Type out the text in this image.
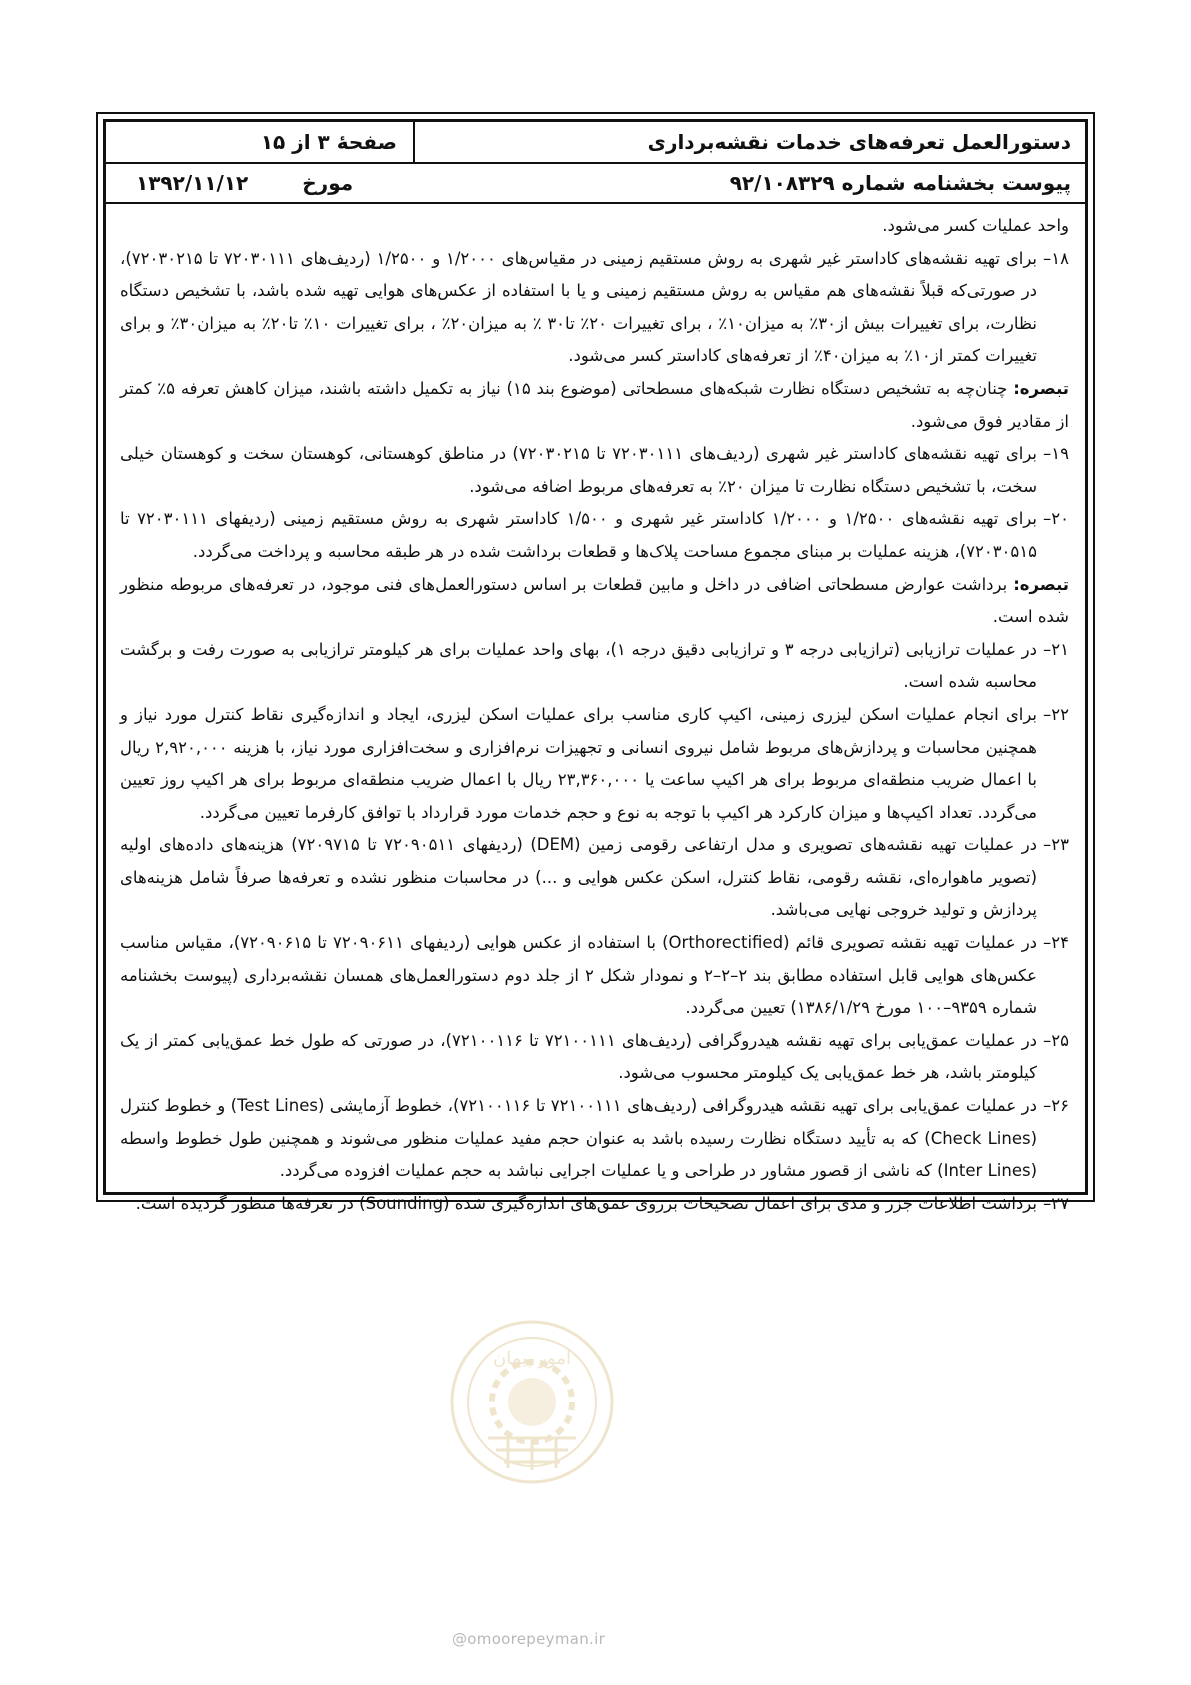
دستورالعمل تعرفه‌های خدمات نقشه‌برداری
صفحهٔ ۳ از ۱۵
پیوست بخشنامه شماره ۹۲/۱۰۸۳۲۹
مورخ
۱۳۹۲/۱۱/۱۲

واحد عملیات کسر می‌شود.

۱۸–
برای تهیه نقشه‌های کاداستر غیر شهری به روش مستقیم زمینی در مقیاس‌های ۱/۲۰۰۰ و ۱/۲۵۰۰ (ردیف‌های ۷۲۰۳۰۱۱۱ تا ۷۲۰۳۰۲۱۵)، در صورتی‌که قبلاً نقشه‌های هم مقیاس به روش مستقیم زمینی و یا با استفاده از عکس‌های هوایی تهیه شده باشد، با تشخیص دستگاه نظارت، برای تغییرات بیش از۳۰٪ به میزان۱۰٪ ، برای تغییرات ۲۰٪ تا۳۰ ٪ به میزان۲۰٪ ، برای تغییرات ۱۰٪ تا۲۰٪ به میزان۳۰٪ و برای تغییرات کمتر از۱۰٪ به میزان۴۰٪ از تعرفه‌های کاداستر کسر می‌شود.

تبصره: چنان‌چه به تشخیص دستگاه نظارت شبکه‌های مسطحاتی (موضوع بند ۱۵) نیاز به تکمیل داشته باشند، میزان کاهش تعرفه ۵٪ کمتر از مقادیر فوق می‌شود.

۱۹–
برای تهیه نقشه‌های کاداستر غیر شهری (ردیف‌های ۷۲۰۳۰۱۱۱ تا ۷۲۰۳۰۲۱۵) در مناطق کوهستانی، کوهستان سخت و کوهستان خیلی سخت، با تشخیص دستگاه نظارت تا میزان ۲۰٪ به تعرفه‌های مربوط اضافه می‌شود.
۲۰–
برای تهیه نقشه‌های ۱/۲۵۰۰ و ۱/۲۰۰۰ کاداستر غیر شهری و ۱/۵۰۰ کاداستر شهری به روش مستقیم زمینی (ردیفهای ۷۲۰۳۰۱۱۱ تا ۷۲۰۳۰۵۱۵)، هزینه عملیات بر مبنای مجموع مساحت پلاک‌ها و قطعات برداشت شده در هر طبقه محاسبه و پرداخت می‌گردد.

تبصره: برداشت عوارض مسطحاتی اضافی در داخل و مابین قطعات بر اساس دستورالعمل‌های فنی موجود، در تعرفه‌های مربوطه منظور شده است.

۲۱–
در عملیات ترازیابی (ترازیابی درجه ۳ و ترازیابی دقیق درجه ۱)، بهای واحد عملیات برای هر کیلومتر ترازیابی به صورت رفت و برگشت محاسبه شده است.
۲۲–
برای انجام عملیات اسکن لیزری زمینی، اکیپ کاری مناسب برای عملیات اسکن لیزری، ایجاد و اندازه‌گیری نقاط کنترل مورد نیاز و همچنین محاسبات و پردازش‌های مربوط شامل نیروی انسانی و تجهیزات نرم‌افزاری و سخت‌افزاری مورد نیاز، با هزینه ۲,۹۲۰,۰۰۰ ریال با اعمال ضریب منطقه‌ای مربوط برای هر اکیپ ساعت یا ۲۳,۳۶۰,۰۰۰ ریال با اعمال ضریب منطقه‌ای مربوط برای هر اکیپ روز تعیین می‌گردد. تعداد اکیپ‌ها و میزان کارکرد هر اکیپ با توجه به نوع و حجم خدمات مورد قرارداد با توافق کارفرما تعیین می‌گردد.
۲۳–
در عملیات تهیه نقشه‌های تصویری و مدل ارتفاعی رقومی زمین (DEM) (ردیفهای ۷۲۰۹۰۵۱۱ تا ۷۲۰۹۷۱۵) هزینه‌های داده‌های اولیه (تصویر ماهواره‌ای، نقشه رقومی، نقاط کنترل، اسکن عکس هوایی و ...) در محاسبات منظور نشده و تعرفه‌ها صرفاً شامل هزینه‌های پردازش و تولید خروجی نهایی می‌باشد.
۲۴–
در عملیات تهیه نقشه تصویری قائم (Orthorectified) با استفاده از عکس هوایی (ردیفهای ۷۲۰۹۰۶۱۱ تا ۷۲۰۹۰۶۱۵)، مقیاس مناسب عکس‌های هوایی قابل استفاده مطابق بند ۲–۲–۲ و نمودار شکل ۲ از جلد دوم دستورالعمل‌های همسان نقشه‌برداری (پیوست بخشنامه شماره ۹۳۵۹–۱۰۰ مورخ ۱۳۸۶/۱/۲۹) تعیین می‌گردد.
۲۵–
در عملیات عمق‌یابی برای تهیه نقشه هیدروگرافی (ردیف‌های ۷۲۱۰۰۱۱۱ تا ۷۲۱۰۰۱۱۶)، در صورتی که طول خط عمق‌یابی کمتر از یک کیلومتر باشد، هر خط عمق‌یابی یک کیلومتر محسوب می‌شود.
۲۶–
در عملیات عمق‌یابی برای تهیه نقشه هیدروگرافی (ردیف‌های ۷۲۱۰۰۱۱۱ تا ۷۲۱۰۰۱۱۶)، خطوط آزمایشی (Test Lines) و خطوط کنترل (Check Lines) که به تأیید دستگاه نظارت رسیده باشد به عنوان حجم مفید عملیات منظور می‌شوند و همچنین طول خطوط واسطه (Inter Lines) که ناشی از قصور مشاور در طراحی و یا عملیات اجرایی نباشد به حجم عملیات افزوده می‌گردد.
۲۷–
برداشت اطلاعات جزر و مدی برای اعمال تصحیحات برروی عمق‌های اندازه‌گیری شده (Sounding) در تعرفه‌ها منظور گردیده است.
امور پیمان
@omoorepeyman.ir
